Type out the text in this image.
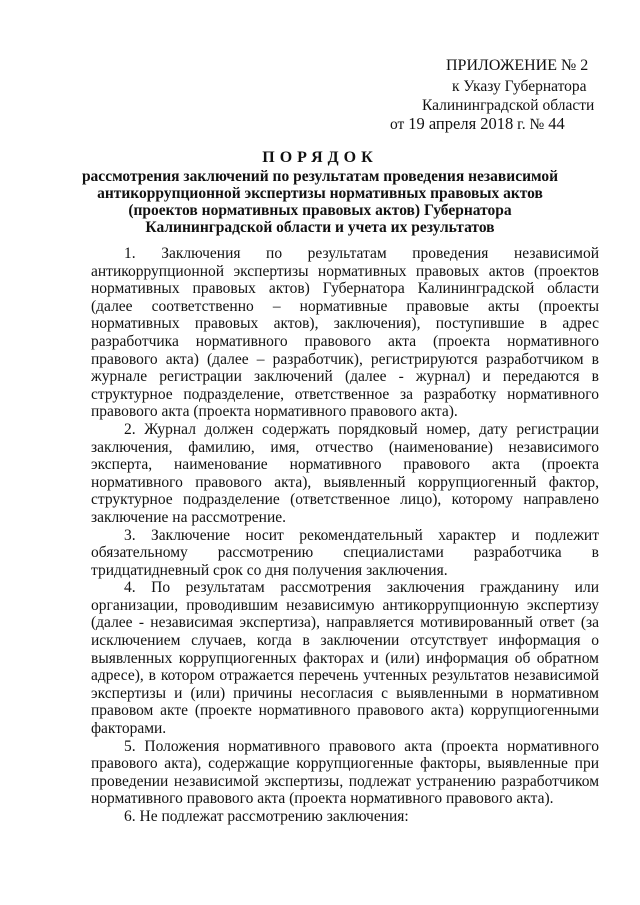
ПРИЛОЖЕНИЕ № 2
к Указу Губернатора
Калининградской области
от 19 апреля 2018 г. № 44
ПОРЯДОК
рассмотрения заключений по результатам проведения независимой
антикоррупционной экспертизы нормативных правовых актов
(проектов нормативных правовых актов) Губернатора
Калининградской области и учета их результатов

1. Заключения по результатам проведения независимой антикоррупционной экспертизы нормативных правовых актов (проектов нормативных правовых актов) Губернатора Калининградской области (далее соответственно – нормативные правовые акты (проекты нормативных правовых актов), заключения), поступившие в адрес разработчика нормативного правового акта (проекта нормативного правового акта) (далее – разработчик), регистрируются разработчиком в журнале регистрации заключений (далее - журнал) и передаются в структурное подразделение, ответственное за разработку нормативного правового акта (проекта нормативного правового акта).

2. Журнал должен содержать порядковый номер, дату регистрации заключения, фамилию, имя, отчество (наименование) независимого эксперта, наименование нормативного правового акта (проекта нормативного правового акта), выявленный коррупциогенный фактор, структурное подразделение (ответственное лицо), которому направлено заключение на рассмотрение.

3. Заключение носит рекомендательный характер и подлежит обязательному рассмотрению специалистами разработчика в тридцатидневный срок со дня получения заключения.

4. По результатам рассмотрения заключения гражданину или организации, проводившим независимую антикоррупционную экспертизу (далее - независимая экспертиза), направляется мотивированный ответ (за исключением случаев, когда в заключении отсутствует информация о выявленных коррупциогенных факторах и (или) информация об обратном адресе), в котором отражается перечень учтенных результатов независимой экспертизы и (или) причины несогласия с выявленными в нормативном правовом акте (проекте нормативного правового акта) коррупциогенными факторами.

5. Положения нормативного правового акта (проекта нормативного правового акта), содержащие коррупциогенные факторы, выявленные при проведении независимой экспертизы, подлежат устранению разработчиком нормативного правового акта (проекта нормативного правового акта).

6. Не подлежат рассмотрению заключения:
